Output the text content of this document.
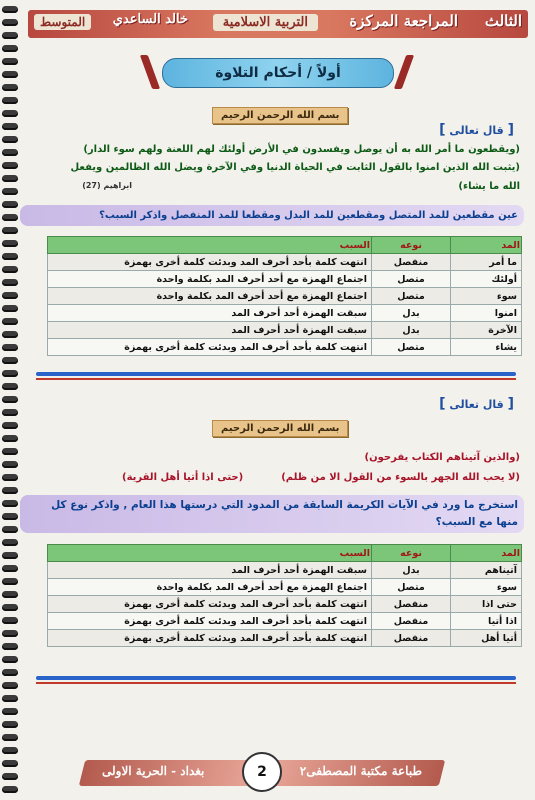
الثالث
المراجعة المركزة
التربية الاسلامية
خالد الساعدي
المتوسط
أولاً / أحكام التلاوة
[ قال تعالى ]
بسم الله الرحمن الرحيم
(ويقطعون ما أمر الله به أن يوصل ويفسدون في الأرض أولئك لهم اللعنة ولهم سوء الدار)
(يثبت الله الذين امنوا بالقول الثابت في الحياة الدنيا وفي الآخرة ويضل الله الظالمين ويفعل الله ما يشاء)
ابراهيم (27)
عين مقطعين للمد المتصل ومقطعين للمد البدل ومقطعا للمد المنفصل واذكر السبب؟
المد	نوعه	السبب
ما أمر	منفصل	انتهت كلمة بأحد أحرف المد وبدئت كلمة أخرى بهمزة
أولئك	متصل	اجتماع الهمزة مع أحد أحرف المد بكلمة واحدة
سوء	متصل	اجتماع الهمزة مع أحد أحرف المد بكلمة واحدة
امنوا	بدل	سبقت الهمزة أحد أحرف المد
الآخرة	بدل	سبقت الهمزة أحد أحرف المد
يشاء	متصل	انتهت كلمة بأحد أحرف المد وبدئت كلمة أخرى بهمزة
[ قال تعالى ]
بسم الله الرحمن الرحيم
(والذين آتيناهم الكتاب يفرحون)
(لا يحب الله الجهر بالسوء من القول الا من ظلم)
(حتى اذا أتيا أهل القرية)
استخرج ما ورد في الآيات الكريمة السابقة من المدود التي درستها هذا العام , واذكر نوع كل منها مع السبب؟
المد	نوعه	السبب
آتيناهم	بدل	سبقت الهمزة أحد أحرف المد
سوء	متصل	اجتماع الهمزة مع أحد أحرف المد بكلمة واحدة
حتى اذا	منفصل	انتهت كلمة بأحد أحرف المد وبدئت كلمة أخرى بهمزة
اذا أتيا	منفصل	انتهت كلمة بأحد أحرف المد وبدئت كلمة أخرى بهمزة
أتيا أهل	منفصل	انتهت كلمة بأحد أحرف المد وبدئت كلمة أخرى بهمزة
طباعة مكتبة المصطفى٢
بغداد - الحرية الاولى	2
